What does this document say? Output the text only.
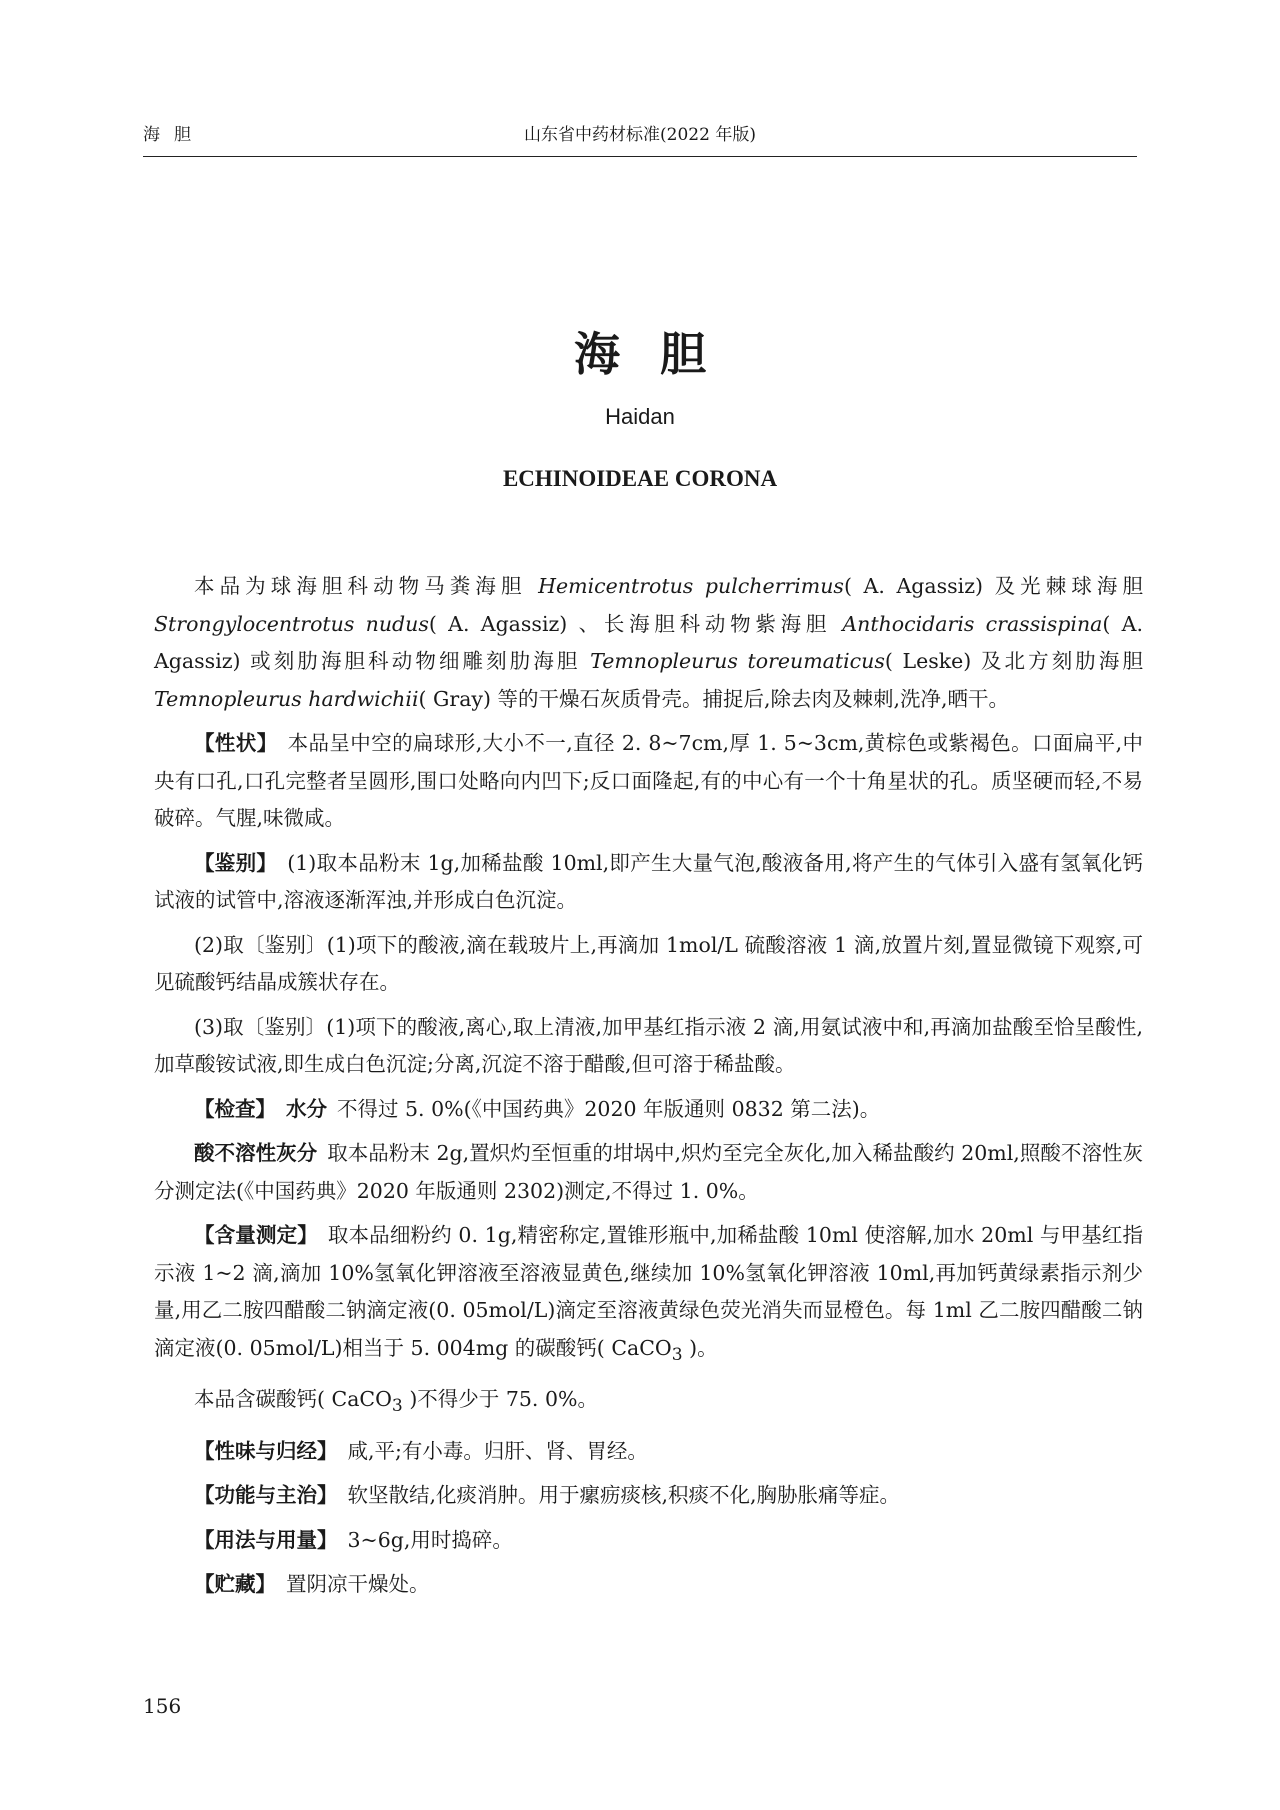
海胆	山东省中药材标准(2022 年版)
海胆
Haidan
ECHINOIDEAE CORONA

本品为球海胆科动物马粪海胆 Hemicentrotus pulcherrimus( A. Agassiz) 及光棘球海胆 Strongylocentrotus nudus( A. Agassiz) 、长海胆科动物紫海胆 Anthocidaris crassispina( A. Agassiz) 或刻肋海胆科动物细雕刻肋海胆 Temnopleurus toreumaticus( Leske) 及北方刻肋海胆 Temnopleurus hardwichii( Gray) 等的干燥石灰质骨壳。捕捉后,除去肉及棘刺,洗净,晒干。

【性状】 本品呈中空的扁球形,大小不一,直径 2. 8~7cm,厚 1. 5~3cm,黄棕色或紫褐色。口面扁平,中央有口孔,口孔完整者呈圆形,围口处略向内凹下;反口面隆起,有的中心有一个十角星状的孔。质坚硬而轻,不易破碎。气腥,味微咸。

【鉴别】 (1)取本品粉末 1g,加稀盐酸 10ml,即产生大量气泡,酸液备用,将产生的气体引入盛有氢氧化钙试液的试管中,溶液逐渐浑浊,并形成白色沉淀。

(2)取〔鉴别〕(1)项下的酸液,滴在载玻片上,再滴加 1mol/L 硫酸溶液 1 滴,放置片刻,置显微镜下观察,可见硫酸钙结晶成簇状存在。

(3)取〔鉴别〕(1)项下的酸液,离心,取上清液,加甲基红指示液 2 滴,用氨试液中和,再滴加盐酸至恰呈酸性,加草酸铵试液,即生成白色沉淀;分离,沉淀不溶于醋酸,但可溶于稀盐酸。

【检查】 水分 不得过 5. 0%(《中国药典》2020 年版通则 0832 第二法)。

酸不溶性灰分 取本品粉末 2g,置炽灼至恒重的坩埚中,炽灼至完全灰化,加入稀盐酸约 20ml,照酸不溶性灰分测定法(《中国药典》2020 年版通则 2302)测定,不得过 1. 0%。

【含量测定】 取本品细粉约 0. 1g,精密称定,置锥形瓶中,加稀盐酸 10ml 使溶解,加水 20ml 与甲基红指示液 1~2 滴,滴加 10%氢氧化钾溶液至溶液显黄色,继续加 10%氢氧化钾溶液 10ml,再加钙黄绿素指示剂少量,用乙二胺四醋酸二钠滴定液(0. 05mol/L)滴定至溶液黄绿色荧光消失而显橙色。每 1ml 乙二胺四醋酸二钠滴定液(0. 05mol/L)相当于 5. 004mg 的碳酸钙( CaCO$_3$ )。

本品含碳酸钙( CaCO$_3$ )不得少于 75. 0%。

【性味与归经】 咸,平;有小毒。归肝、肾、胃经。

【功能与主治】 软坚散结,化痰消肿。用于瘰疬痰核,积痰不化,胸胁胀痛等症。

【用法与用量】 3~6g,用时捣碎。

【贮藏】 置阴凉干燥处。

156
